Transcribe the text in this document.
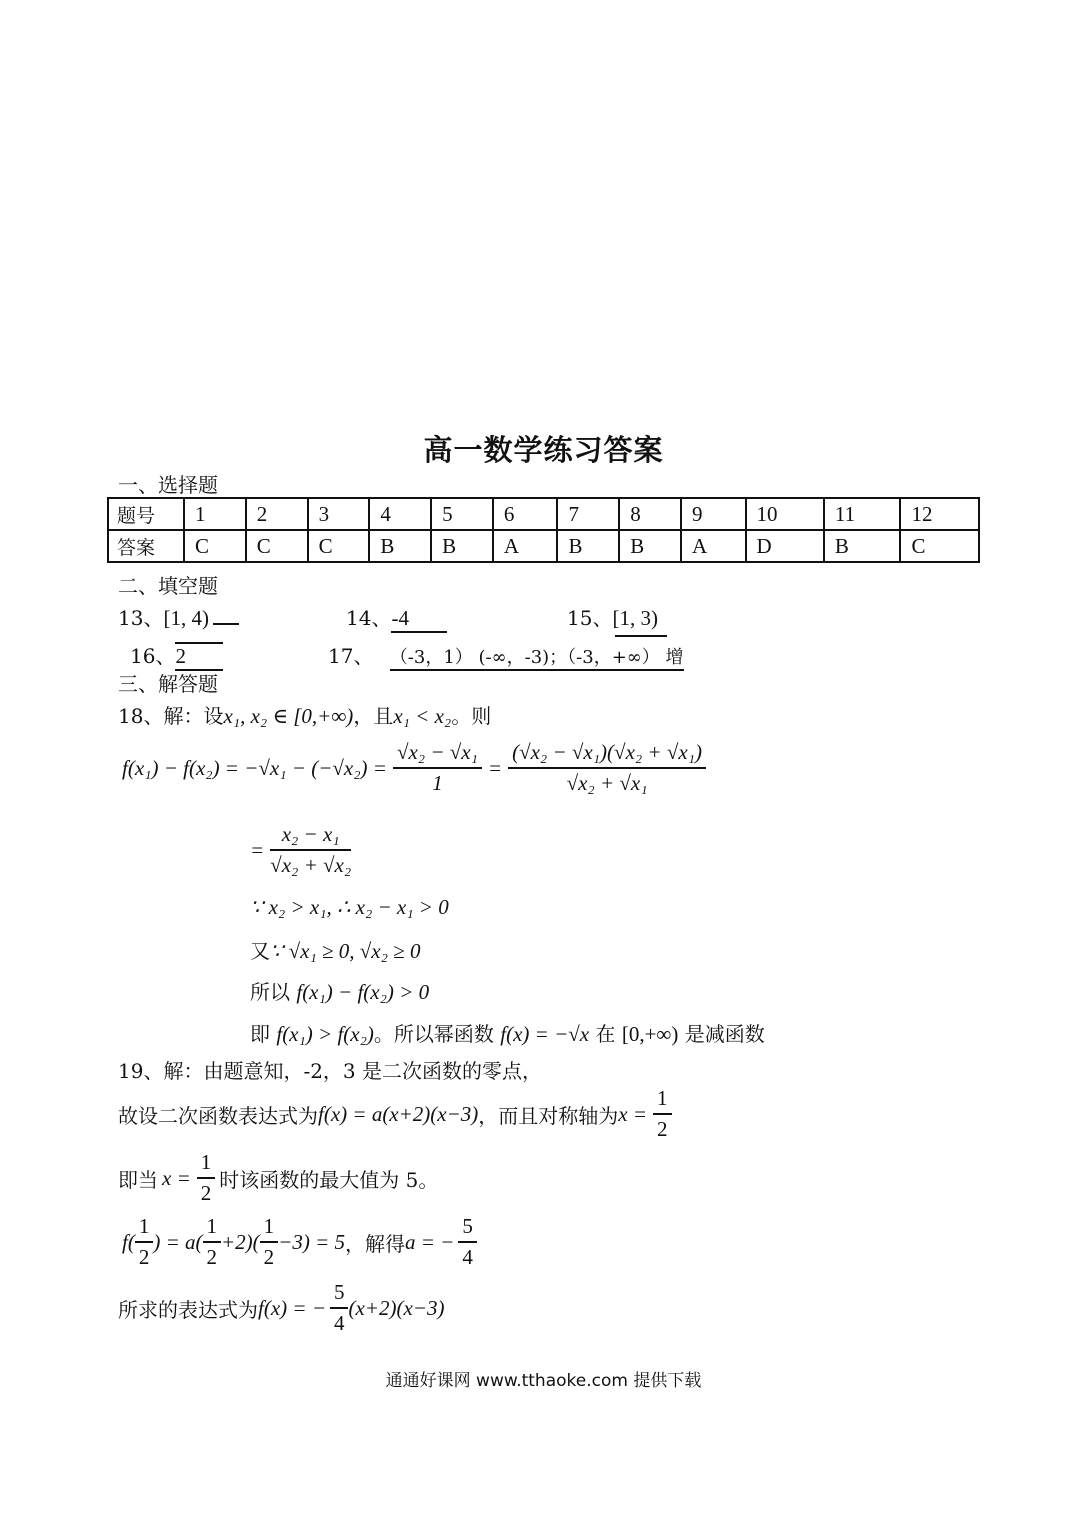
高一数学练习答案
一、选择题
题号	1	2	3	4	5	6	7	8	9	10	11	12
答案	C	C	C	B	B	A	B	B	A	D	B	C
二、填空题
13、[1, 4)	14、-4	15、[1, 3)
16、2	17、 （-3，1） (-∞，-3)；（-3，+∞） 增
三、解答题
18、解：设x₁, x₂ ∈ [0,+∞)，且x₁ < x₂。则
$f(x_1) - f(x_2) = -√x_1 - (-√x_2) = \frac{\text{√x₂ − √x₁}}{1} = \frac{\text{(√x₂ − √x₁)(√x₂ + √x₁)}}{\text{√x₂ + √x₁}}$
= $\frac{\text{x₂ − x₁}}{\text{√x₂ + √x₂}}$
∵ x₂ > x₁, ∴ x₂ − x₁ > 0
又∵ √x₁ ≥ 0, √x₂ ≥ 0
所以 f(x₁) − f(x₂) > 0
即 f(x₁) > f(x₂)。所以幂函数 f(x) = −√x 在 [0,+∞) 是减函数
19、解：由题意知，-2，3 是二次函数的零点，
故设二次函数表达式为 f(x) = a(x+2)(x−3) ，而且对称轴为 $x = \frac{1}{2}$
即当 $x = \frac{1}{2}$ 时该函数的最大值为 5。
$f( \frac{1}{2}$ ) = $a( \frac{1}{2} +2)( \frac{1}{2} -3) = 5$ ，解得 a = − $\frac{5}{4}$
所求的表达式为 f(x) = − $\frac{5}{4} (x+2)(x-3)$
通通好课网 www.tthaoke.com 提供下载
